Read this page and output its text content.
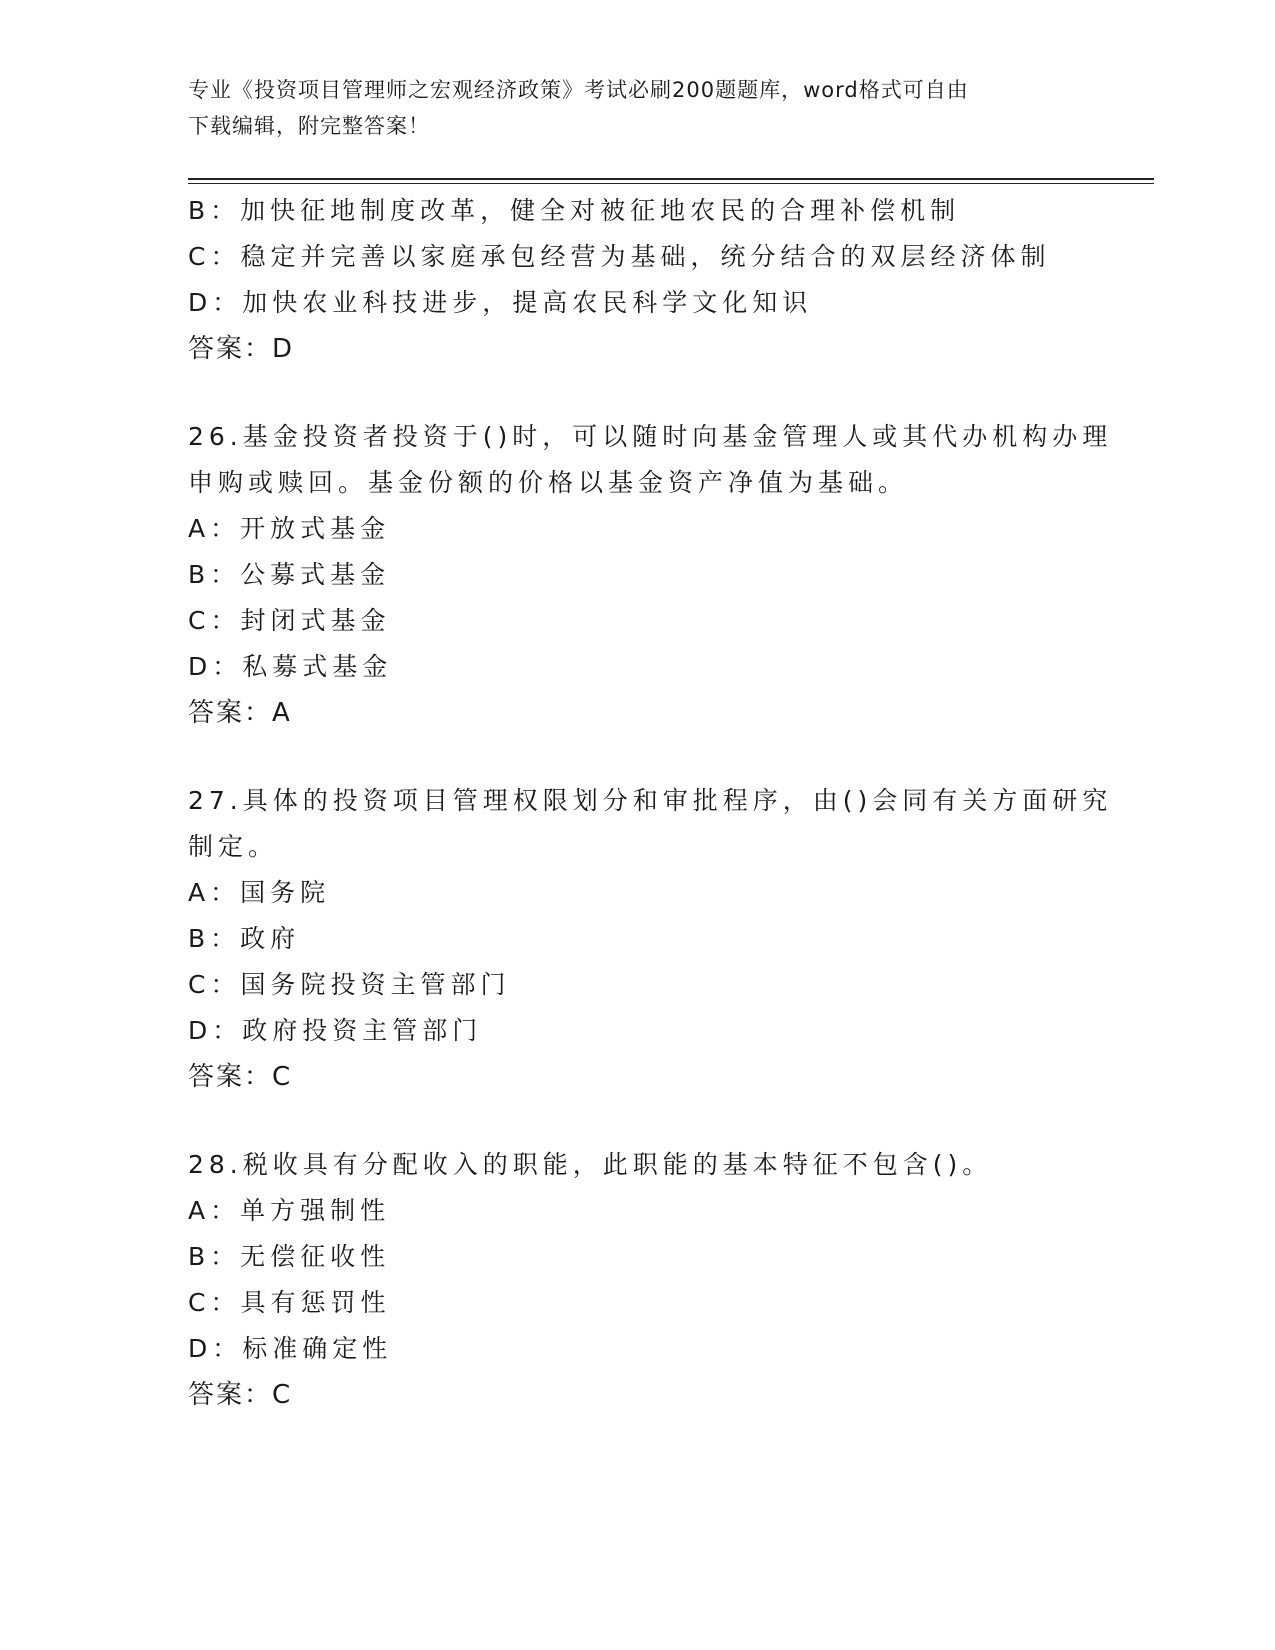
专业《投资项目管理师之宏观经济政策》考试必刷200题题库，word格式可自由
下载编辑，附完整答案！
B：加快征地制度改革，健全对被征地农民的合理补偿机制
C：稳定并完善以家庭承包经营为基础，统分结合的双层经济体制
D：加快农业科技进步，提高农民科学文化知识
答案：D
26.基金投资者投资于()时，可以随时向基金管理人或其代办机构办理
申购或赎回。基金份额的价格以基金资产净值为基础。
A：开放式基金
B：公募式基金
C：封闭式基金
D：私募式基金
答案：A
27.具体的投资项目管理权限划分和审批程序，由()会同有关方面研究
制定。
A：国务院
B：政府
C：国务院投资主管部门
D：政府投资主管部门
答案：C
28.税收具有分配收入的职能，此职能的基本特征不包含()。
A：单方强制性
B：无偿征收性
C：具有惩罚性
D：标准确定性
答案：C
